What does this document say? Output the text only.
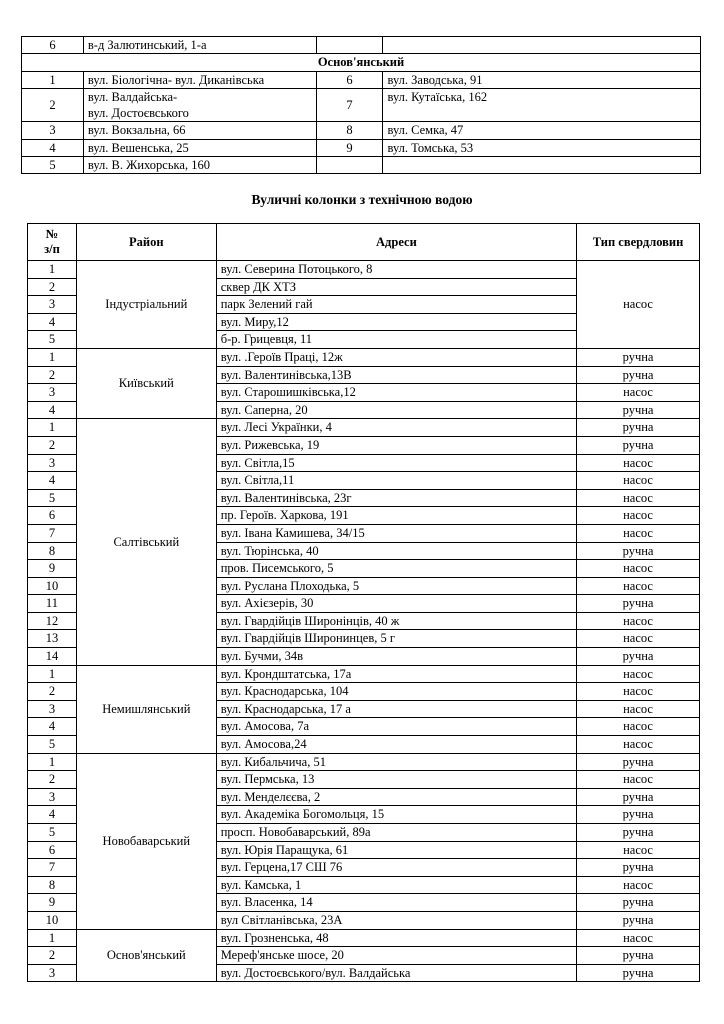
6	в-д Залютинський, 1-а		
Основ'янський			
1	вул. Біологічна- вул. Диканівська	6	вул. Заводська, 91
2	вул. Валдайська-
вул. Достоєвського	7	вул. Кутаїська, 162
3	вул. Вокзальна, 66	8	вул. Семка, 47
4	вул. Вешенська, 25	9	вул. Томська, 53
5	вул. В. Жихорська, 160		
Вуличні колонки з технічною водою
№
з/п	Район	Адреси	Тип свердловин
1	Індустріальний	вул. Северина Потоцького, 8	насос
2		сквер ДК ХТЗ	
3		парк Зелений гай	
4		вул. Миру,12	
5		б-р. Грицевця, 11	
1	Київський	вул. .Героїв Праці, 12ж	ручна
2		вул. Валентинівська,13В	ручна
3		вул. Старошишківська,12	насос
4		вул. Саперна, 20	ручна
1	Салтівський	вул. Лесі Українки, 4	ручна
2		вул. Рижевська, 19	ручна
3		вул. Світла,15	насос
4		вул. Світла,11	насос
5		вул. Валентинівська, 23г	насос
6		пр. Героїв. Харкова, 191	насос
7		вул. Івана Камишева, 34/15	насос
8		вул. Тюрінська, 40	ручна
9		пров. Писемського, 5	насос
10		вул. Руслана Плоходька, 5	насос
11		вул. Ахієзерів, 30	ручна
12		вул. Гвардійців Широнінців, 40 ж	насос
13		вул. Гвардійців Широнинцев, 5 г	насос
14		вул. Бучми, 34в	ручна
1	Немишлянський	вул. Крондштатська, 17а	насос
2		вул. Краснодарська, 104	насос
3		вул. Краснодарська, 17 а	насос
4		вул. Амосова, 7а	насос
5		вул. Амосова,24	насос
1	Новобаварський	вул. Кибальчича, 51	ручна
2		вул. Пермська, 13	насос
3		вул. Менделєєва, 2	ручна
4		вул. Академіка Богомольця, 15	ручна
5		просп. Новобаварський, 89а	ручна
6		вул. Юрія Паращука, 61	насос
7		вул. Герцена,17 СШ 76	ручна
8		вул. Камська, 1	насос
9		вул. Власенка, 14	ручна
10		вул Світланівська, 23А	ручна
1	Основ'янський	вул. Грозненська, 48	насос
2		Мереф'янське шосе, 20	ручна
3		вул. Достоєвського/вул. Валдайська	ручна
